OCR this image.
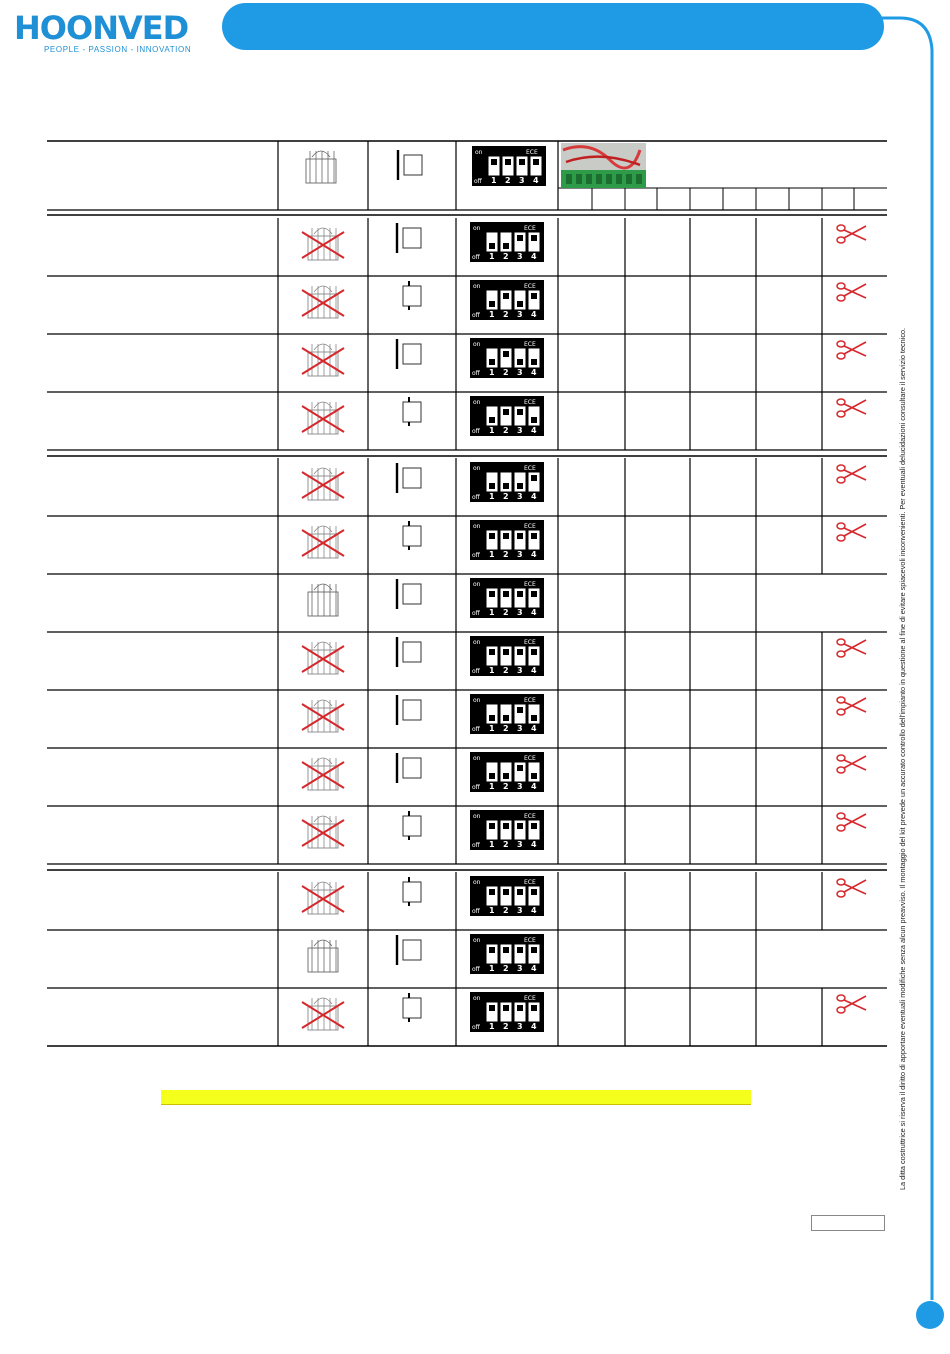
HOONVED
PEOPLE - PASSION - INNOVATION
on	ECE
off 1 2 3 4
on	ECE
off 1 2 3 4
on	ECE
off 1 2 3 4
on	ECE
off 1 2 3 4
on	ECE
off 1 2 3 4
on	ECE
off 1 2 3 4
on	ECE
off 1 2 3 4
on	ECE
off 1 2 3 4
on	ECE
off 1 2 3 4
on	ECE
off 1 2 3 4
on	ECE
off 1 2 3 4
on	ECE
off 1 2 3 4
on	ECE
off 1 2 3 4
on	ECE
off 1 2 3 4
on	ECE
off 1 2 3 4	La ditta costruttrice si riserva il diritto di apportare eventuali modifiche senza alcun preavviso. Il montaggio del kit prevede un accurato controllo dell'impianto in questione al fine di evitare spiacevoli inconvenienti. Per eventuali delucidazioni consultare il servizio tecnico.
